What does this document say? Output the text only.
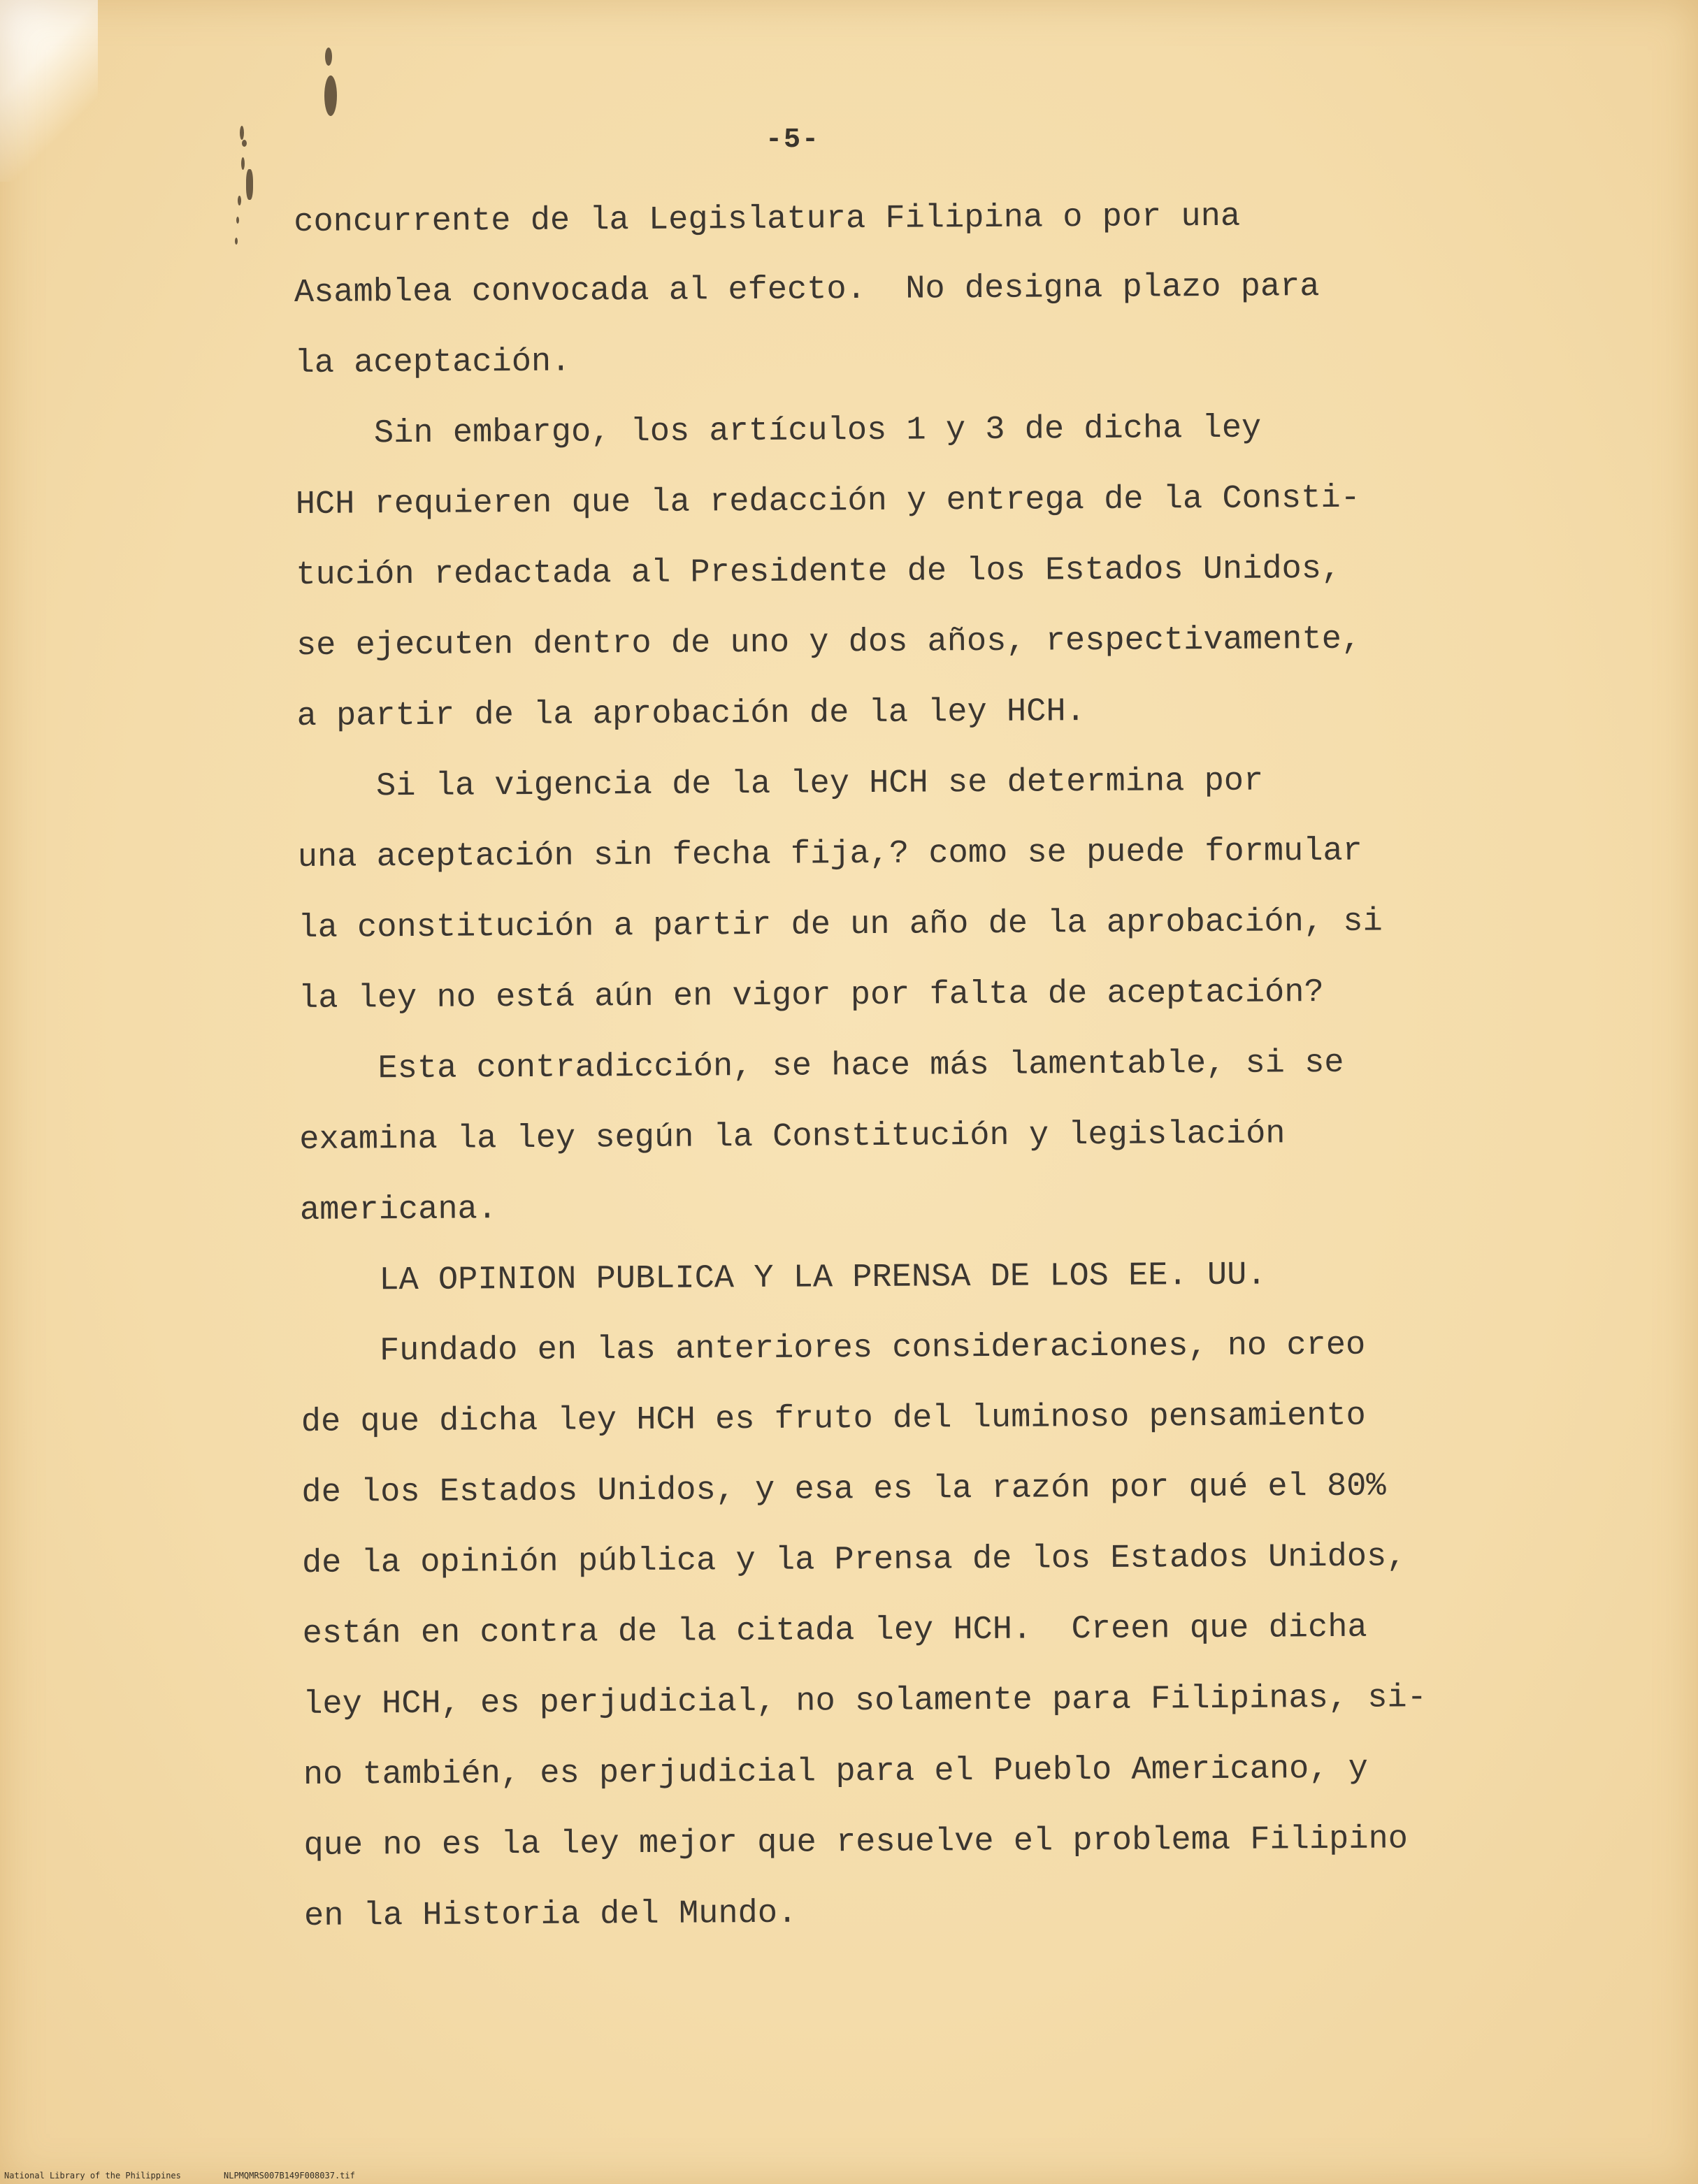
-5-
concurrente de la Legislatura Filipina o por una
Asamblea convocada al efecto.  No designa plazo para
la aceptación.
Sin embargo, los artículos 1 y 3 de dicha ley
HCH requieren que la redacción y entrega de la Consti-
tución redactada al Presidente de los Estados Unidos,
se ejecuten dentro de uno y dos años, respectivamente,
a partir de la aprobación de la ley HCH.
Si la vigencia de la ley HCH se determina por
una aceptación sin fecha fija,? como se puede formular
la constitución a partir de un año de la aprobación, si
la ley no está aún en vigor por falta de aceptación?
Esta contradicción, se hace más lamentable, si se
examina la ley según la Constitución y legislación
americana.
LA OPINION PUBLICA Y LA PRENSA DE LOS EE. UU.
Fundado en las anteriores consideraciones, no creo
de que dicha ley HCH es fruto del luminoso pensamiento
de los Estados Unidos, y esa es la razón por qué el 80%
de la opinión pública y la Prensa de los Estados Unidos,
están en contra de la citada ley HCH.  Creen que dicha
ley HCH, es perjudicial, no solamente para Filipinas, si-
no también, es perjudicial para el Pueblo Americano, y
que no es la ley mejor que resuelve el problema Filipino
en la Historia del Mundo.
National Library of the Philippines	NLPMQMRS007B149F008037.tif
